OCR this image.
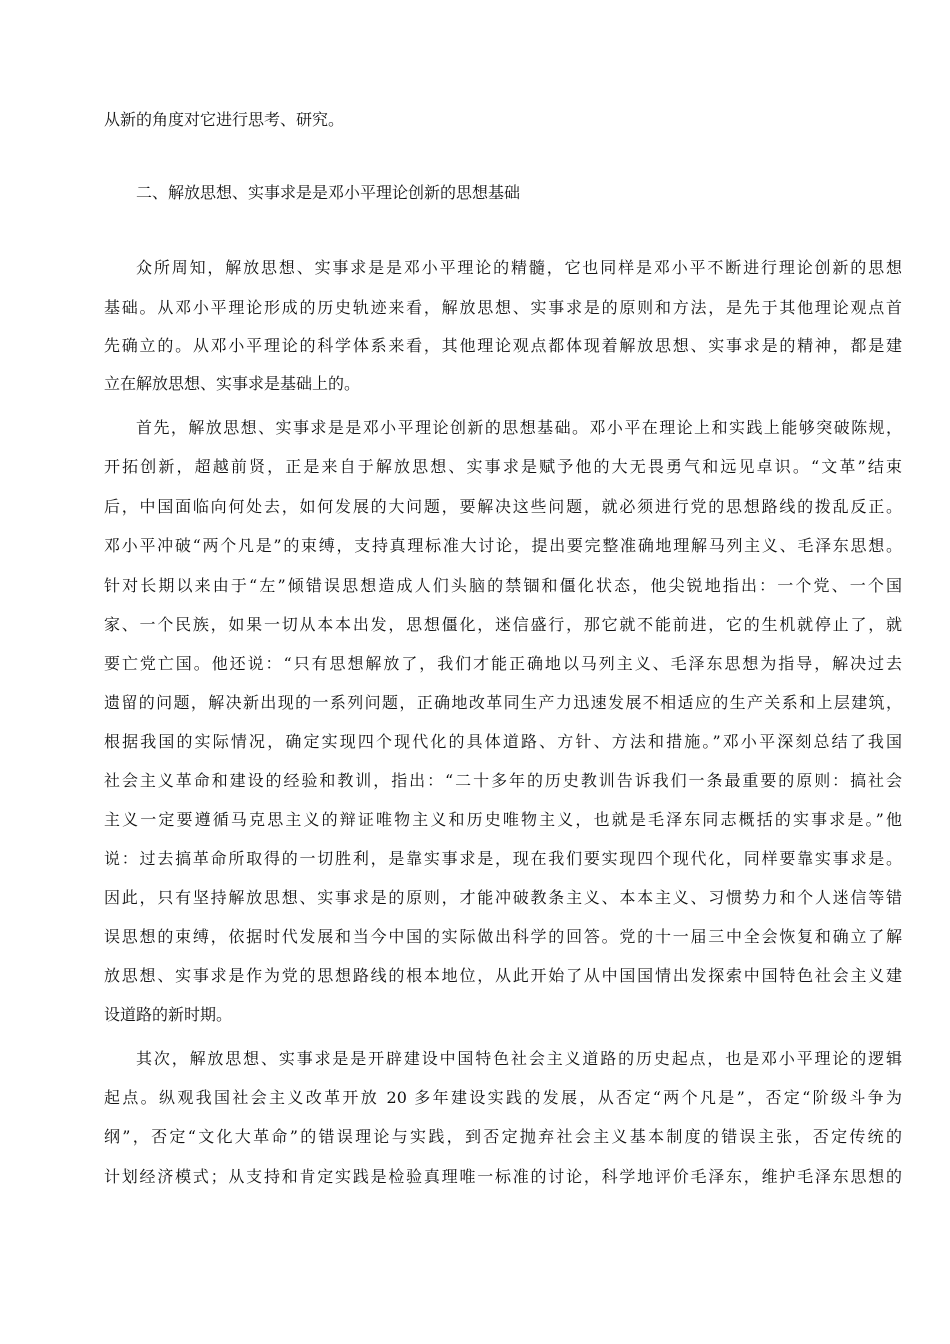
从新的角度对它进行思考、研究。
二、解放思想、实事求是是邓小平理论创新的思想基础
众所周知，解放思想、实事求是是邓小平理论的精髓，它也同样是邓小平不断进行理论创新的思想
基础。从邓小平理论形成的历史轨迹来看，解放思想、实事求是的原则和方法，是先于其他理论观点首
先确立的。从邓小平理论的科学体系来看，其他理论观点都体现着解放思想、实事求是的精神，都是建
立在解放思想、实事求是基础上的。
首先，解放思想、实事求是是邓小平理论创新的思想基础。邓小平在理论上和实践上能够突破陈规，
开拓创新，超越前贤，正是来自于解放思想、实事求是赋予他的大无畏勇气和远见卓识。“文革”结束
后，中国面临向何处去，如何发展的大问题，要解决这些问题，就必须进行党的思想路线的拨乱反正。
邓小平冲破“两个凡是”的束缚，支持真理标准大讨论，提出要完整准确地理解马列主义、毛泽东思想。
针对长期以来由于“左”倾错误思想造成人们头脑的禁锢和僵化状态，他尖锐地指出：一个党、一个国
家、一个民族，如果一切从本本出发，思想僵化，迷信盛行，那它就不能前进，它的生机就停止了，就
要亡党亡国。他还说：“只有思想解放了，我们才能正确地以马列主义、毛泽东思想为指导，解决过去
遗留的问题，解决新出现的一系列问题，正确地改革同生产力迅速发展不相适应的生产关系和上层建筑，
根据我国的实际情况，确定实现四个现代化的具体道路、方针、方法和措施。”邓小平深刻总结了我国
社会主义革命和建设的经验和教训，指出：“二十多年的历史教训告诉我们一条最重要的原则：搞社会
主义一定要遵循马克思主义的辩证唯物主义和历史唯物主义，也就是毛泽东同志概括的实事求是。”他
说：过去搞革命所取得的一切胜利，是靠实事求是，现在我们要实现四个现代化，同样要靠实事求是。
因此，只有坚持解放思想、实事求是的原则，才能冲破教条主义、本本主义、习惯势力和个人迷信等错
误思想的束缚，依据时代发展和当今中国的实际做出科学的回答。党的十一届三中全会恢复和确立了解
放思想、实事求是作为党的思想路线的根本地位，从此开始了从中国国情出发探索中国特色社会主义建
设道路的新时期。
其次，解放思想、实事求是是开辟建设中国特色社会主义道路的历史起点，也是邓小平理论的逻辑
起点。纵观我国社会主义改革开放 20 多年建设实践的发展，从否定“两个凡是”，否定“阶级斗争为
纲”，否定“文化大革命”的错误理论与实践，到否定抛弃社会主义基本制度的错误主张，否定传统的
计划经济模式；从支持和肯定实践是检验真理唯一标准的讨论，科学地评价毛泽东，维护毛泽东思想的
